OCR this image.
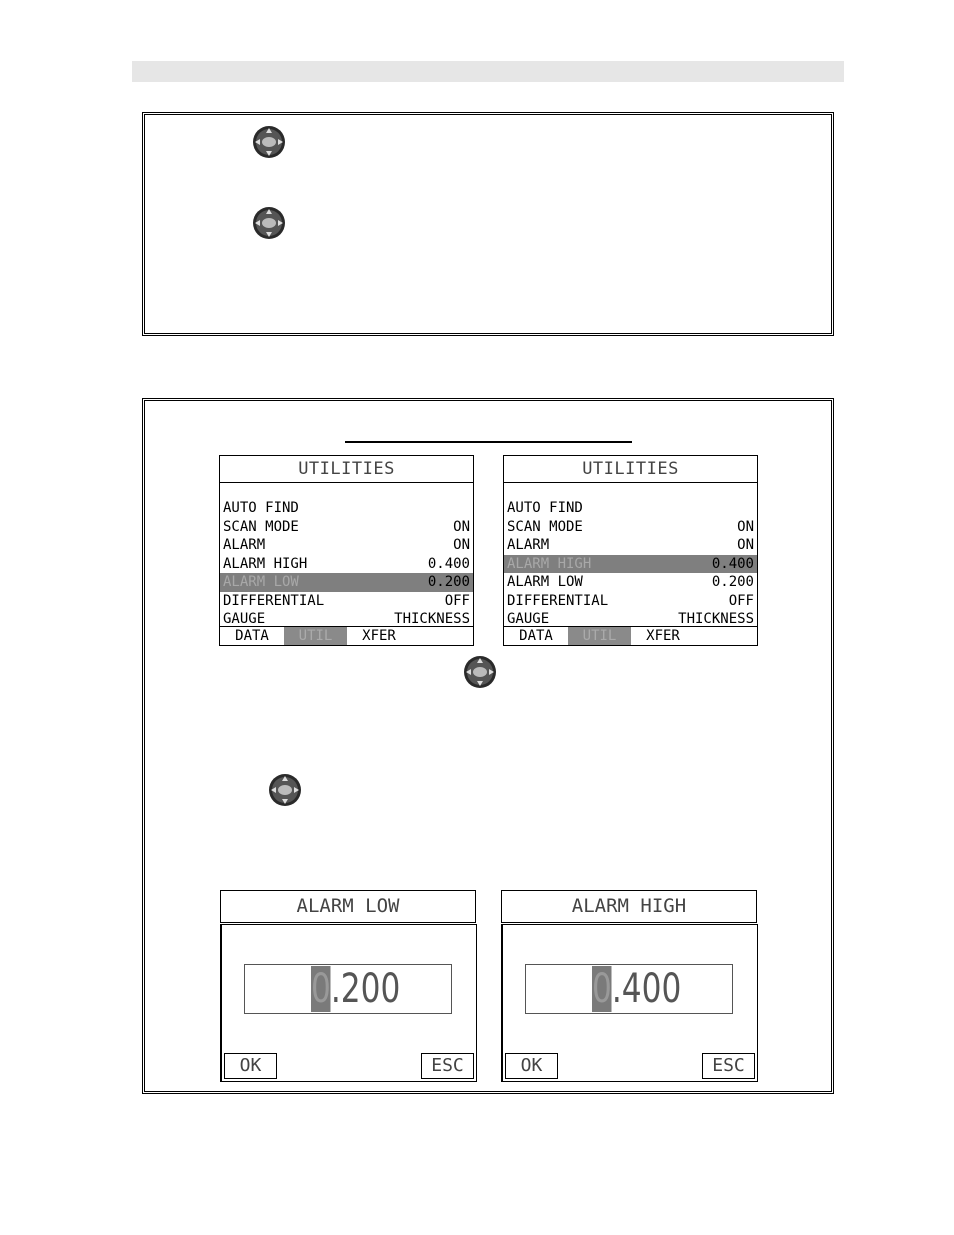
UTILITIES
AUTO FIND
SCAN MODE	ON
ALARM	ON
ALARM HIGH	0.400
ALARM LOW	0.200
DIFFERENTIAL	OFF
GAUGE	THICKNESS
DATA	UTIL	XFER
UTILITIES
AUTO FIND
SCAN MODE	ON
ALARM	ON
ALARM HIGH	0.400
ALARM LOW	0.200
DIFFERENTIAL	OFF
GAUGE	THICKNESS
DATA	UTIL	XFER
ALARM LOW
0.200
OK	ESC
ALARM HIGH
0.400
OK	ESC
